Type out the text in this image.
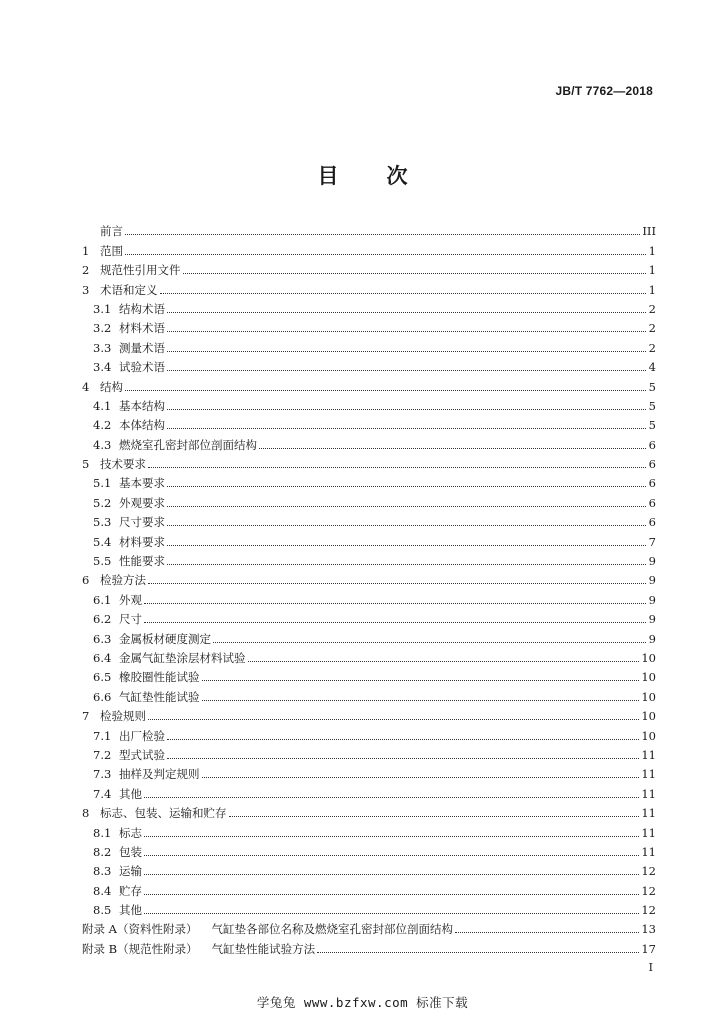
JB/T 7762—2018
目 次
前言	III
1 范围	1
2 规范性引用文件	1
3 术语和定义	1
3.1 结构术语	2
3.2 材料术语	2
3.3 测量术语	2
3.4 试验术语	4
4 结构	5
4.1 基本结构	5
4.2 本体结构	5
4.3 燃烧室孔密封部位剖面结构	6
5 技术要求	6
5.1 基本要求	6
5.2 外观要求	6
5.3 尺寸要求	6
5.4 材料要求	7
5.5 性能要求	9
6 检验方法	9
6.1 外观	9
6.2 尺寸	9
6.3 金属板材硬度测定	9
6.4 金属气缸垫涂层材料试验	10
6.5 橡胶圈性能试验	10
6.6 气缸垫性能试验	10
7 检验规则	10
7.1 出厂检验	10
7.2 型式试验	11
7.3 抽样及判定规则	11
7.4 其他	11
8 标志、包装、运输和贮存	11
8.1 标志	11
8.2 包装	11
8.3 运输	12
8.4 贮存	12
8.5 其他	12
附录 A（资料性附录） 气缸垫各部位名称及燃烧室孔密封部位剖面结构	13
附录 B（规范性附录） 气缸垫性能试验方法	17
I
学兔兔 www.bzfxw.com 标准下载
